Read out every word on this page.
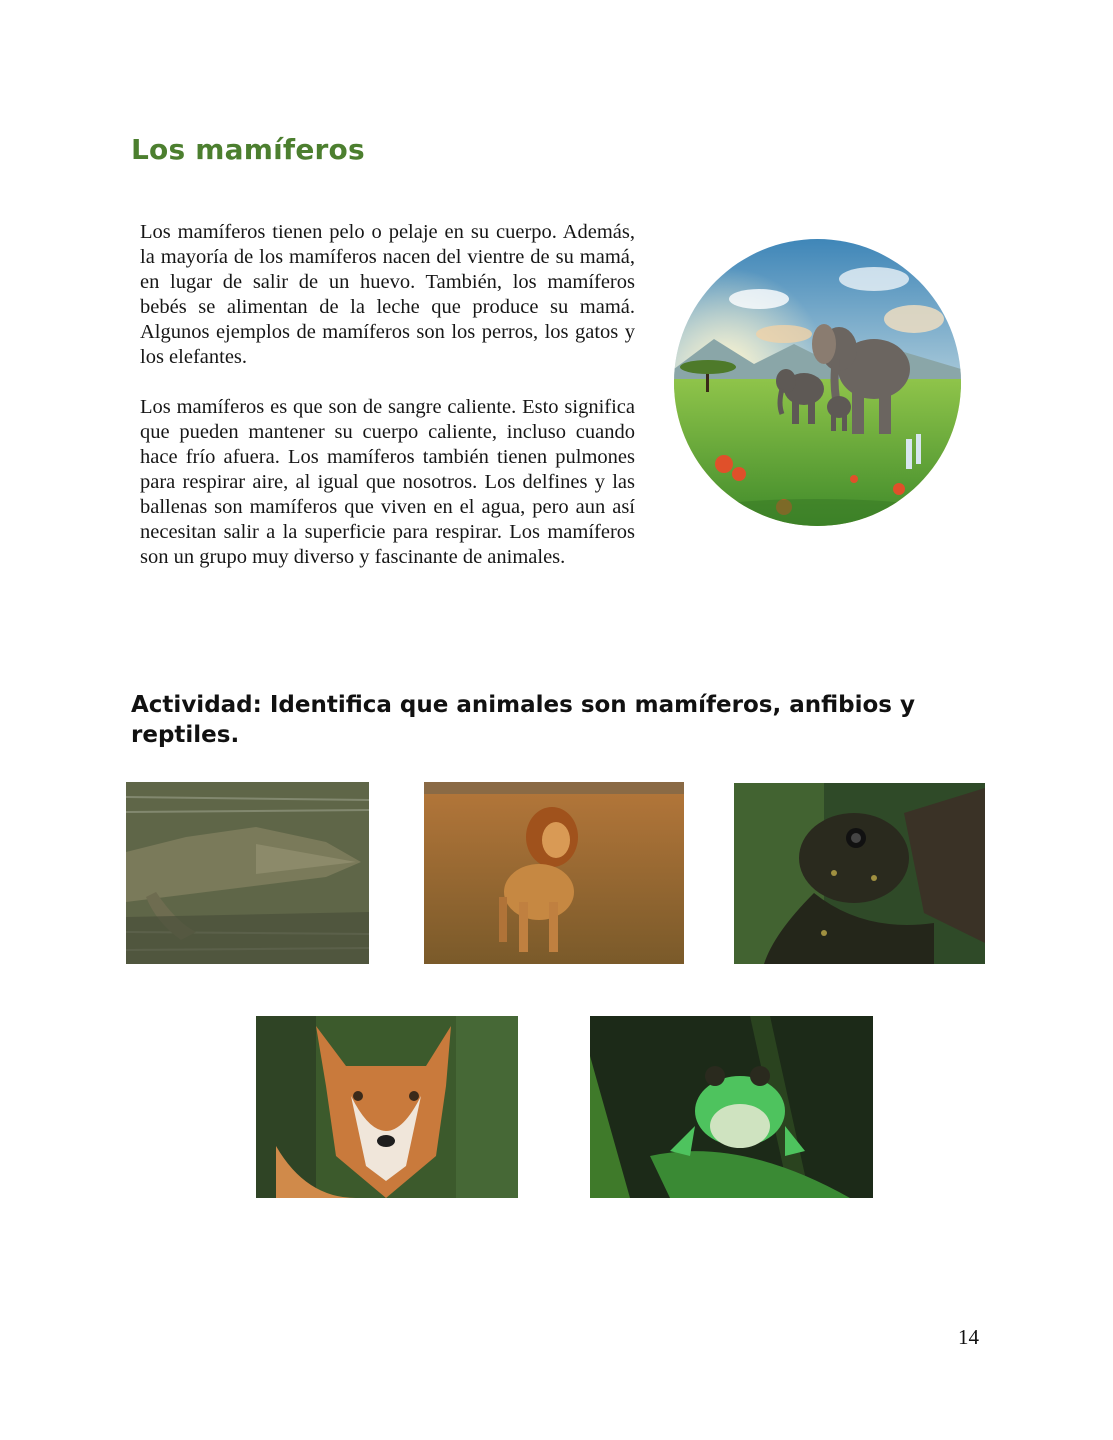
Los mamíferos

Los mamíferos tienen pelo o pelaje en su cuerpo. Además, la mayoría de los mamíferos nacen del vientre de su mamá, en lugar de salir de un huevo. También, los mamíferos bebés se alimentan de la leche que produce su mamá. Algunos ejemplos de mamíferos son los perros, los gatos y los elefantes.

Los mamíferos es que son de sangre caliente. Esto significa que pueden mantener su cuerpo caliente, incluso cuando hace frío afuera. Los mamíferos también tienen pulmones para respirar aire, al igual que nosotros. Los delfines y las ballenas son mamíferos que viven en el agua, pero aun así necesitan salir a la superficie para respirar. Los mamíferos son un grupo muy diverso y fascinante de animales.

Actividad: Identifica que animales son mamíferos, anfibios y reptiles.
14
